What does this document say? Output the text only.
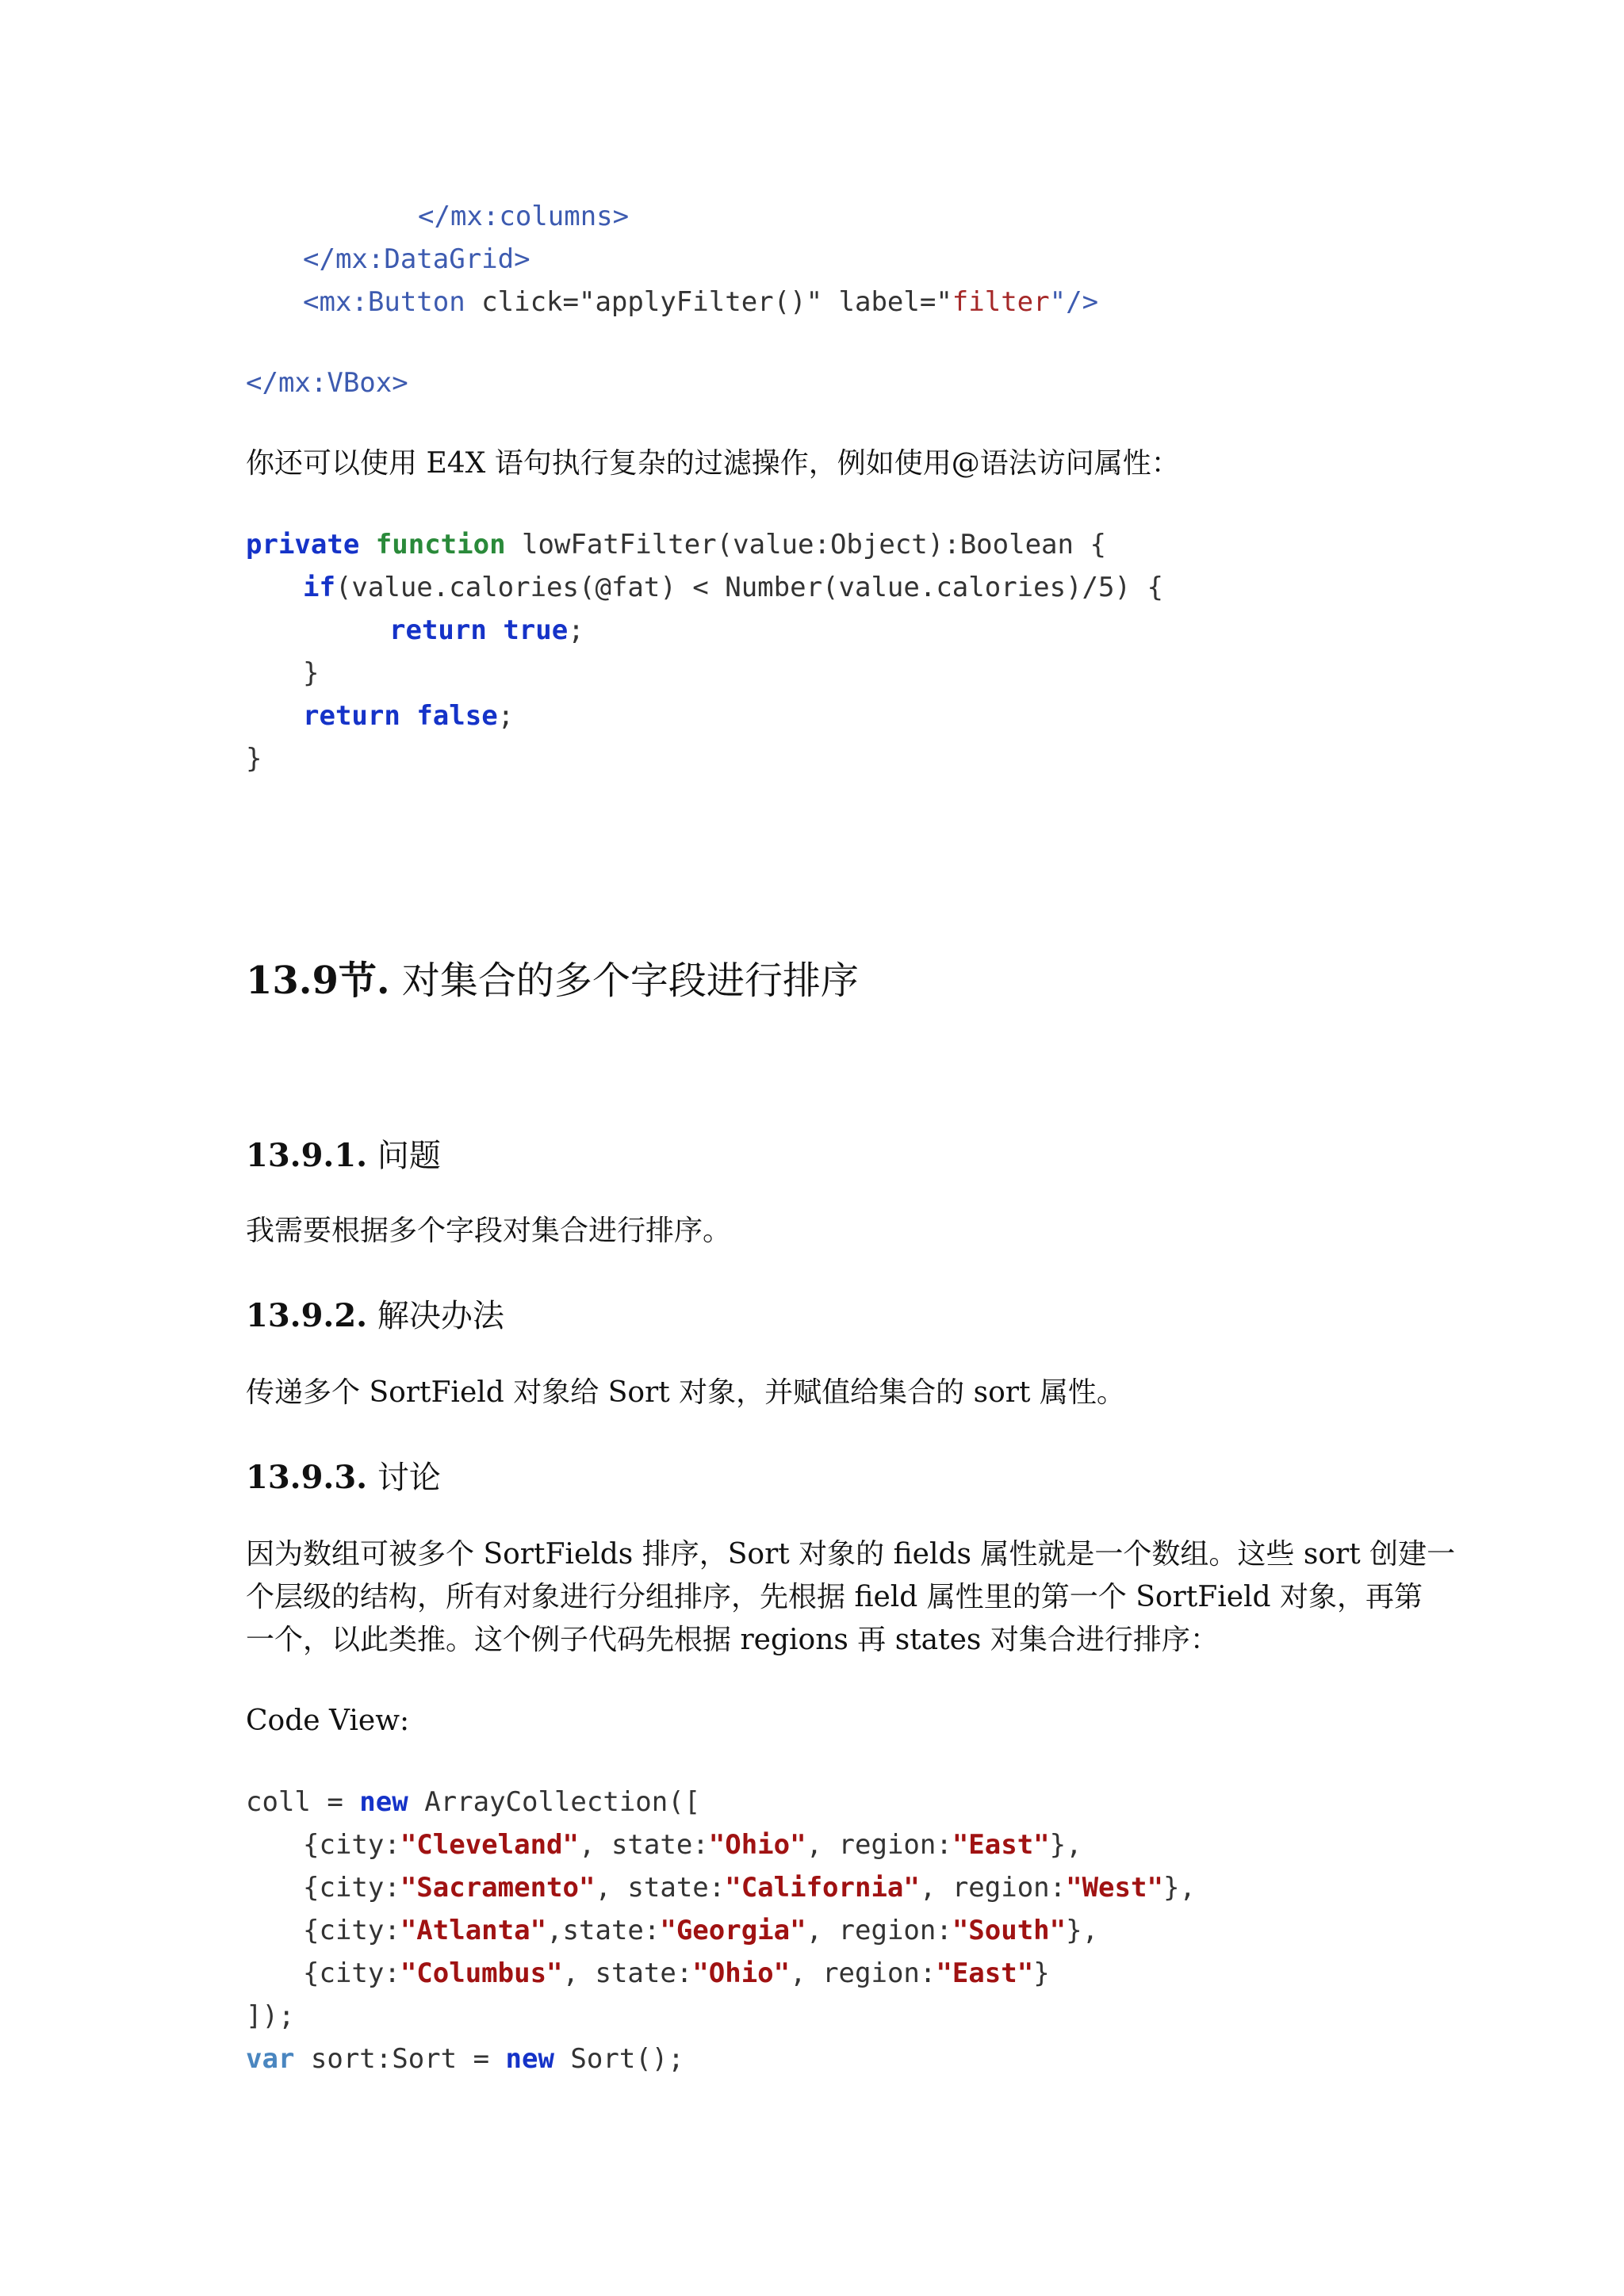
</mx:columns>
</mx:DataGrid>
<mx:Button click="applyFilter()" label="filter"/>
</mx:VBox>
你还可以使用 E4X 语句执行复杂的过滤操作，例如使用@语法访问属性：
private function lowFatFilter(value:Object):Boolean {
if(value.calories(@fat) < Number(value.calories)/5) {
return true;
}
return false;
}
13.9节. 对集合的多个字段进行排序
13.9.1. 问题
我需要根据多个字段对集合进行排序。
13.9.2. 解决办法
传递多个 SortField 对象给 Sort 对象，并赋值给集合的 sort 属性。
13.9.3. 讨论
因为数组可被多个 SortFields 排序，Sort 对象的 fields 属性就是一个数组。这些 sort 创建一
个层级的结构，所有对象进行分组排序，先根据 field 属性里的第一个 SortField 对象，再第
一个，以此类推。这个例子代码先根据 regions 再 states 对集合进行排序：
Code View:
coll = new ArrayCollection([
{city:"Cleveland", state:"Ohio", region:"East"},
{city:"Sacramento", state:"California", region:"West"},
{city:"Atlanta",state:"Georgia", region:"South"},
{city:"Columbus", state:"Ohio", region:"East"}
]);
var sort:Sort = new Sort();
